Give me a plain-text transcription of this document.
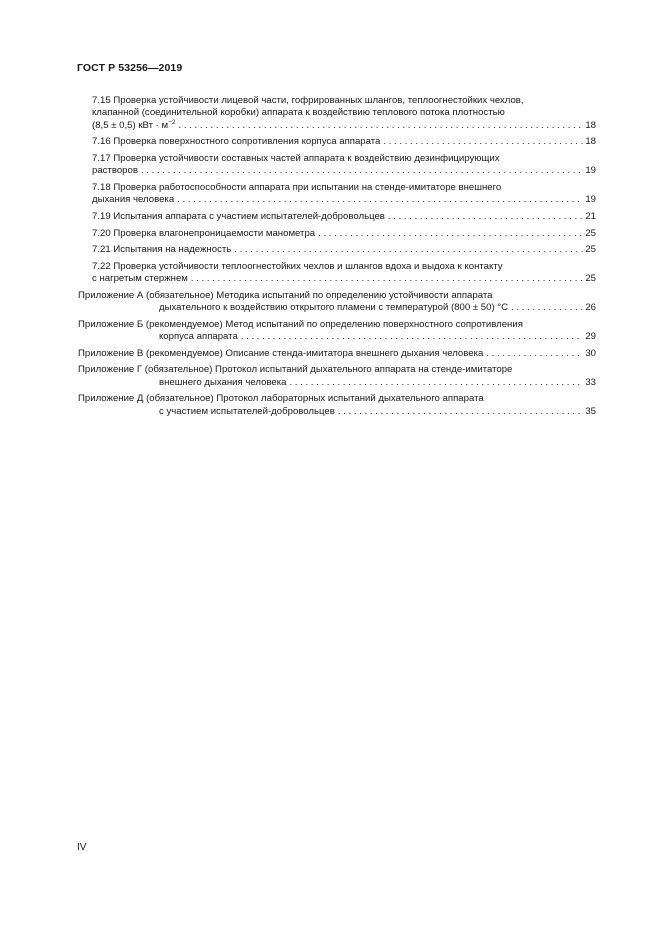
ГОСТ Р 53256—2019
7.15 Проверка устойчивости лицевой части, гофрированных шлангов, теплоогнестойких чехлов,
клапанной (соединительной коробки) аппарата к воздействию теплового потока плотностью
(8,5 ± 0,5) кВт · $м^{-2}$ . . .	18
7.16 Проверка поверхностного сопротивления корпуса аппарата . . .	18
7.17 Проверка устойчивости составных частей аппарата к воздействию дезинфицирующих
растворов . . .	19
7.18 Проверка работоспособности аппарата при испытании на стенде-имитаторе внешнего
дыхания человека . . .	19
7.19 Испытания аппарата с участием испытателей-добровольцев . . .	21
7.20 Проверка влагонепроницаемости манометра . . .	25
7.21 Испытания на надежность . . .	25
7.22 Проверка устойчивости теплоогнестойких чехлов и шлангов вдоха и выдоха к контакту
с нагретым стержнем . . .	25
Приложение А (обязательное) Методика испытаний по определению устойчивости аппарата
дыхательного к воздействию открытого пламени с температурой (800 ± 50) °С . . .	26
Приложение Б (рекомендуемое) Метод испытаний по определению поверхностного сопротивления
корпуса аппарата . . .	29
Приложение В (рекомендуемое) Описание стенда-имитатора внешнего дыхания человека . . .	30
Приложение Г (обязательное) Протокол испытаний дыхательного аппарата на стенде-имитаторе
внешнего дыхания человека . . .	33
Приложение Д (обязательное) Протокол лабораторных испытаний дыхательного аппарата
с участием испытателей-добровольцев . . .	35
IV
